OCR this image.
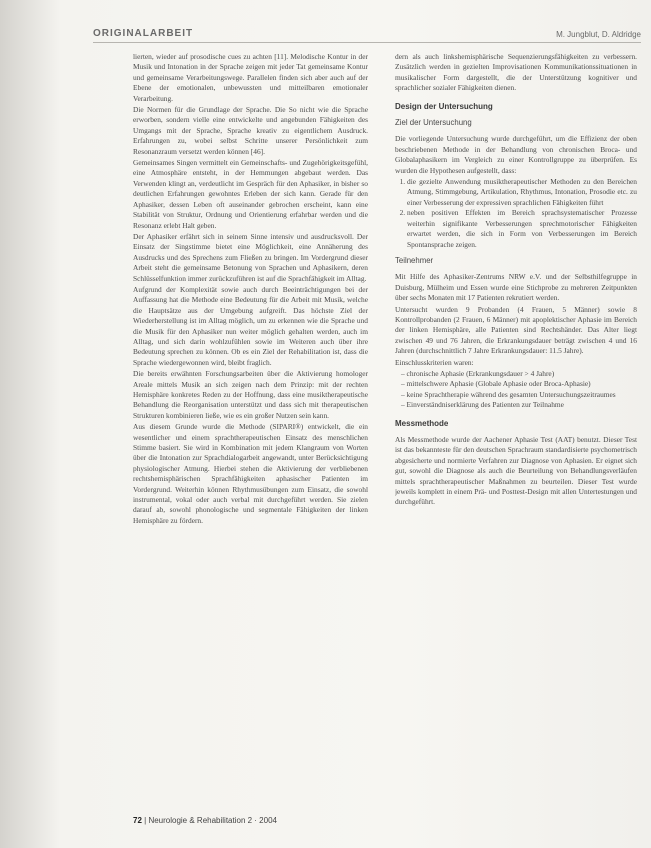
ORIGINALARBEIT	M. Jungblut, D. Aldridge

lierten, wieder auf prosodische cues zu achten [11]. Melodische Kontur in der Musik und Intonation in der Sprache zeigen mit jeder Tat gemeinsame Kontur und gemeinsame Verarbeitungswege. Parallelen finden sich aber auch auf der Ebene der emotionalen, unbewussten und mitteilbaren emotionaler Verarbeitung.

Die Normen für die Grundlage der Sprache. Die So nicht wie die Sprache erworben, sondern vielle eine entwickelte und angebunden Fähigkeiten des Umgangs mit der Sprache, Sprache kreativ zu eigentlichem Ausdruck. Erfahrungen zu, wobei selbst Schritte unserer Persönlichkeit zum Resonanzraum versetzt werden können [46].

Gemeinsames Singen vermittelt ein Gemeinschafts- und Zugehörigkeitsgefühl, eine Atmosphäre entsteht, in der Hemmungen abgebaut werden. Das Verwenden klingt an, verdeutlicht im Gespräch für den Aphasiker, in bisher so deutlichen Erfahrungen gewohntes Erleben der sich kann. Gerade für den Aphasiker, dessen Leben oft auseinander gebrochen erscheint, kann eine Stabilität von Struktur, Ordnung und Orientierung erfahrbar werden und die Resonanz erlebt Halt geben.

Der Aphasiker erfährt sich in seinem Sinne intensiv und ausdrucksvoll. Der Einsatz der Singstimme bietet eine Möglichkeit, eine Annäherung des Ausdrucks und des Sprechens zum Fließen zu bringen. Im Vordergrund dieser Arbeit steht die gemeinsame Betonung von Sprachen und Aphasikern, deren Schlüsselfunktion immer zurückzuführen ist auf die Sprachfähigkeit im Alltag.

Aufgrund der Komplexität sowie auch durch Beeinträchtigungen bei der Auffassung hat die Methode eine Bedeutung für die Arbeit mit Musik, welche die Hauptsätze aus der Umgebung aufgreift. Das höchste Ziel der Wiederherstellung ist im Alltag möglich, um zu erkennen wie die Sprache und die Musik für den Aphasiker nun weiter möglich gehalten werden, auch im Alltag, und sich darin wohlzufühlen sowie im Weiteren auch über ihre Bedeutung sprechen zu können. Ob es ein Ziel der Rehabilitation ist, dass die Sprache wiedergewonnen wird, bleibt fraglich.

Die bereits erwähnten Forschungsarbeiten über die Aktivierung homologer Areale mittels Musik an sich zeigen nach dem Prinzip: mit der rechten Hemisphäre konkretes Reden zu der Hoffnung, dass eine musiktherapeutische Behandlung die Reorganisation unterstützt und dass sich mit therapeutischen Strukturen kombinieren ließe, wie es ein großer Nutzen sein kann.

Aus diesem Grunde wurde die Methode (SIPARI®) entwickelt, die ein wesentlicher und einem sprachtherapeutischen Einsatz des menschlichen Stimme basiert. Sie wird in Kombination mit jedem Klangraum von Worten über die Intonation zur Sprachdialogarbeit angewandt, unter Berücksichtigung physiologischer Atmung. Hierbei stehen die Aktivierung der verbliebenen rechtshemisphärischen Sprachfähigkeiten aphasischer Patienten im Vordergrund. Weiterhin können Rhythmusübungen zum Einsatz, die sowohl instrumental, vokal oder auch verbal mit durchgeführt werden. Sie zielen darauf ab, sowohl phonologische und segmentale Fähigkeiten der linken Hemisphäre zu fördern.

dern als auch linkshemisphärische Sequenzierungsfähigkeiten zu verbessern. Zusätzlich werden in gezielten Improvisationen Kommunikationssituationen in musikalischer Form dargestellt, die der Unterstützung kognitiver und sprachlicher sozialer Fähigkeiten dienen.

Design der Untersuchung
Ziel der Untersuchung

Die vorliegende Untersuchung wurde durchgeführt, um die Effizienz der oben beschriebenen Methode in der Behandlung von chronischen Broca- und Globalaphasikern im Vergleich zu einer Kontrollgruppe zu überprüfen. Es wurden die Hypothesen aufgestellt, dass:

1. die gezielte Anwendung musiktherapeutischer Methoden zu den Bereichen Atmung, Stimmgebung, Artikulation, Rhythmus, Intonation, Prosodie etc. zu einer Verbesserung der expressiven sprachlichen Fähigkeiten führt
2. neben positiven Effekten im Bereich sprachsystematischer Prozesse weiterhin signifikante Verbesserungen sprechmotorischer Fähigkeiten erwartet werden, die sich in Form von Verbesserungen im Bereich Spontansprache zeigen.
Teilnehmer

Mit Hilfe des Aphasiker-Zentrums NRW e.V. und der Selbsthilfegruppe in Duisburg, Mülheim und Essen wurde eine Stichprobe zu mehreren Zeitpunkten über sechs Monaten mit 17 Patienten rekrutiert werden.

Untersucht wurden 9 Probanden (4 Frauen, 5 Männer) sowie 8 Kontrollprobanden (2 Frauen, 6 Männer) mit apoplektischer Aphasie im Bereich der linken Hemisphäre, alle Patienten sind Rechtshänder. Das Alter liegt zwischen 49 und 76 Jahren, die Erkrankungsdauer beträgt zwischen 4 und 16 Jahren (durchschnittlich 7 Jahre Erkrankungsdauer: 11.5 Jahre).

Einschlusskriterien waren:

– chronische Aphasie (Erkrankungsdauer > 4 Jahre)
– mittelschwere Aphasie (Globale Aphasie oder Broca-Aphasie)
– keine Sprachtherapie während des gesamten Untersuchungszeitraumes
– Einverständniserklärung des Patienten zur Teilnahme
Messmethode

Als Messmethode wurde der Aachener Aphasie Test (AAT) benutzt. Dieser Test ist das bekannteste für den deutschen Sprachraum standardisierte psychometrisch abgesicherte und normierte Verfahren zur Diagnose von Aphasien. Er eignet sich gut, sowohl die Diagnose als auch die Beurteilung von Behandlungsverläufen mittels sprachtherapeutischer Maßnahmen zu beurteilen. Dieser Test wurde jeweils komplett in einem Prä- und Posttest-Design mit allen Untertestungen und durchgeführt.

72 | Neurologie & Rehabilitation 2 · 2004
